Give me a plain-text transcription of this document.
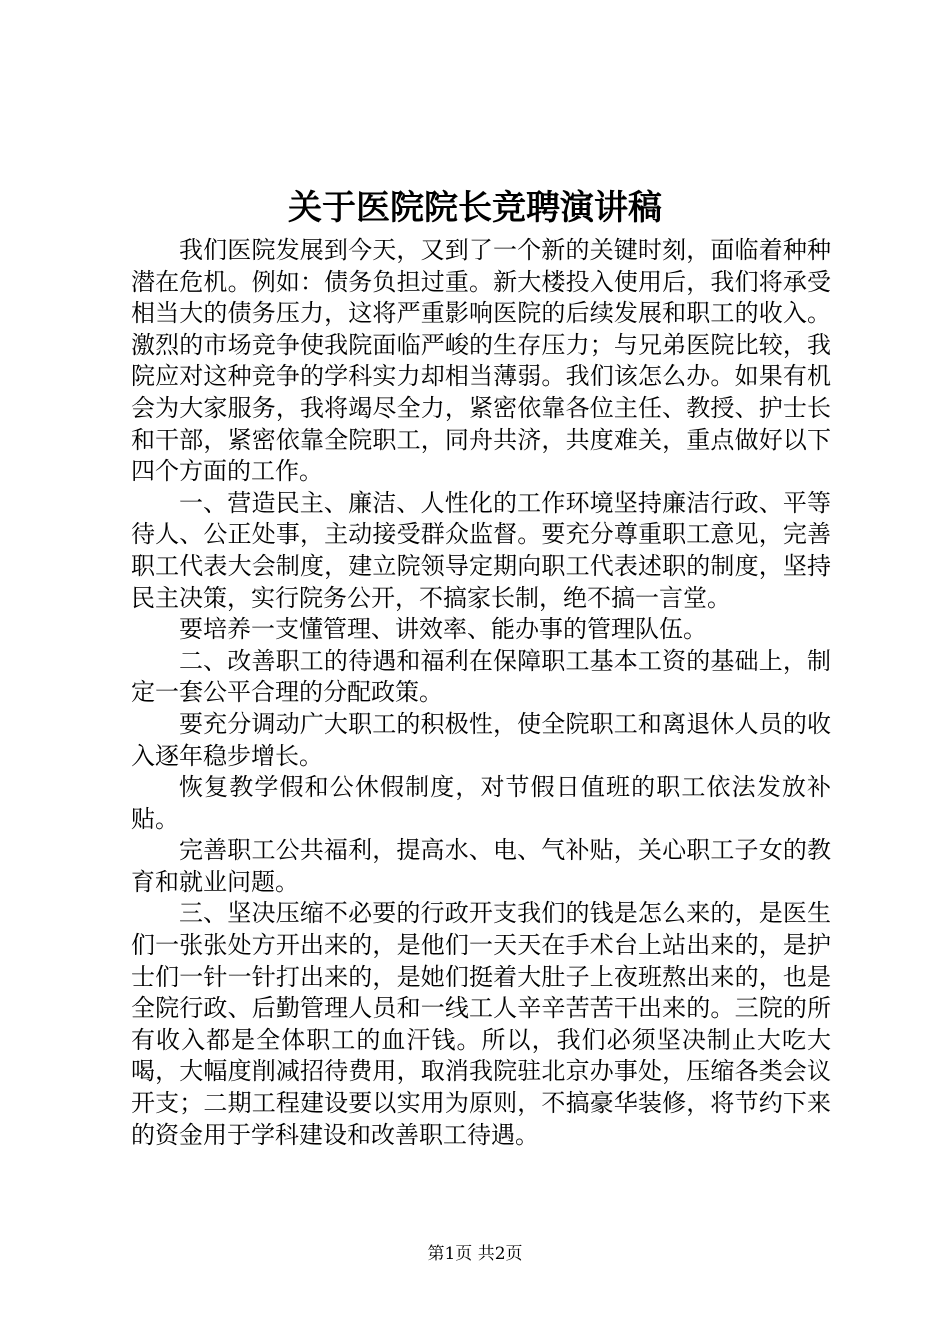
关于医院院长竞聘演讲稿

我们医院发展到今天，又到了一个新的关键时刻，面临着种种潜在危机。例如：债务负担过重。新大楼投入使用后，我们将承受相当大的债务压力，这将严重影响医院的后续发展和职工的收入。激烈的市场竞争使我院面临严峻的生存压力；与兄弟医院比较，我院应对这种竞争的学科实力却相当薄弱。我们该怎么办。如果有机会为大家服务，我将竭尽全力，紧密依靠各位主任、教授、护士长和干部，紧密依靠全院职工，同舟共济，共度难关，重点做好以下四个方面的工作。

一、营造民主、廉洁、人性化的工作环境坚持廉洁行政、平等待人、公正处事，主动接受群众监督。要充分尊重职工意见，完善职工代表大会制度，建立院领导定期向职工代表述职的制度，坚持民主决策，实行院务公开，不搞家长制，绝不搞一言堂。

要培养一支懂管理、讲效率、能办事的管理队伍。

二、改善职工的待遇和福利在保障职工基本工资的基础上，制定一套公平合理的分配政策。

要充分调动广大职工的积极性，使全院职工和离退休人员的收入逐年稳步增长。

恢复教学假和公休假制度，对节假日值班的职工依法发放补贴。

完善职工公共福利，提高水、电、气补贴，关心职工子女的教育和就业问题。

三、坚决压缩不必要的行政开支我们的钱是怎么来的，是医生们一张张处方开出来的，是他们一天天在手术台上站出来的，是护士们一针一针打出来的，是她们挺着大肚子上夜班熬出来的，也是全院行政、后勤管理人员和一线工人辛辛苦苦干出来的。三院的所有收入都是全体职工的血汗钱。所以，我们必须坚决制止大吃大喝，大幅度削减招待费用，取消我院驻北京办事处，压缩各类会议开支；二期工程建设要以实用为原则，不搞豪华装修，将节约下来的资金用于学科建设和改善职工待遇。

第1页 共2页
